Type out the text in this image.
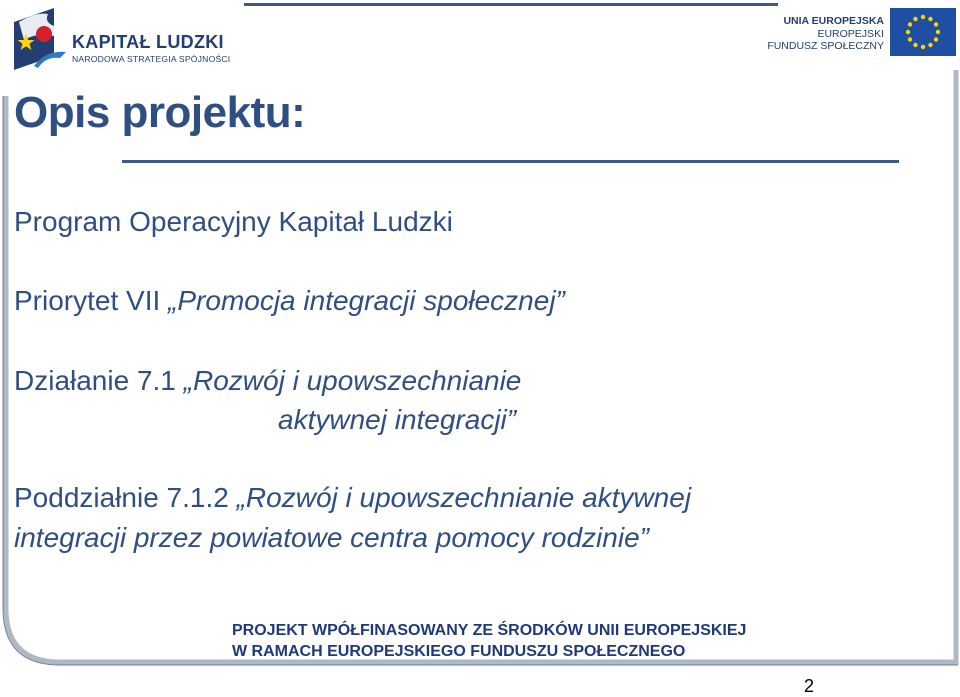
KAPITAŁ LUDZKI
NARODOWA STRATEGIA SPÓJNOŚCI
UNIA EUROPEJSKA
EUROPEJSKI
FUNDUSZ SPOŁECZNY
Opis projektu:
Program Operacyjny Kapitał Ludzki
Priorytet VII „Promocja integracji społecznej”
Działanie 7.1 „Rozwój i upowszechnianie
aktywnej integracji”
Poddziałnie 7.1.2 „Rozwój i upowszechnianie aktywnej
integracji przez powiatowe centra pomocy rodzinie”
PROJEKT WPÓŁFINASOWANY ZE ŚRODKÓW UNII EUROPEJSKIEJ
W RAMACH EUROPEJSKIEGO FUNDUSZU SPOŁECZNEGO
2
